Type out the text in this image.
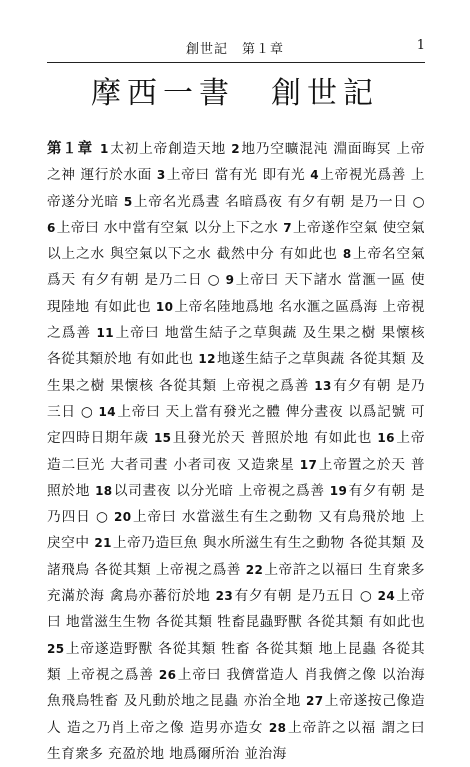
創世記　第１章	1
摩西一書　創世記
第１章 1太初上帝創造天地 2地乃空曠混沌 淵面晦冥 上帝之神 運行於水面 3上帝曰 當有光 即有光 4上帝視光爲善 上帝遂分光暗 5上帝名光爲晝 名暗爲夜 有夕有朝 是乃一日 ○ 6上帝曰 水中當有空氣 以分上下之水 7上帝遂作空氣 使空氣以上之水 與空氣以下之水 截然中分 有如此也 8上帝名空氣爲天 有夕有朝 是乃二日 ○ 9上帝曰 天下諸水 當滙一區 使現陸地 有如此也 10上帝名陸地爲地 名水滙之區爲海 上帝視之爲善 11上帝曰 地當生結子之草與蔬 及生果之樹 果懷核 各從其類於地 有如此也 12地遂生結子之草與蔬 各從其類 及生果之樹 果懷核 各從其類 上帝視之爲善 13有夕有朝 是乃三日 ○ 14上帝曰 天上當有發光之體 俾分晝夜 以爲記號 可定四時日期年歲 15且發光於天 普照於地 有如此也 16上帝造二巨光 大者司晝 小者司夜 又造衆星 17上帝置之於天 普照於地 18以司晝夜 以分光暗 上帝視之爲善 19有夕有朝 是乃四日 ○ 20上帝曰 水當滋生有生之動物 又有鳥飛於地 上戾空中 21上帝乃造巨魚 與水所滋生有生之動物 各從其類 及諸飛鳥 各從其類 上帝視之爲善 22上帝許之以福曰 生育衆多 充滿於海 禽鳥亦蕃衍於地 23有夕有朝 是乃五日 ○ 24上帝曰 地當滋生生物 各從其類 牲畜昆蟲野獸 各從其類 有如此也 25上帝遂造野獸 各從其類 牲畜 各從其類 地上昆蟲 各從其類 上帝視之爲善 26上帝曰 我儕當造人 肖我儕之像 以治海魚飛鳥牲畜 及凡動於地之昆蟲 亦治全地 27上帝遂按己像造人 造之乃肖上帝之像 造男亦造女 28上帝許之以福 謂之曰 生育衆多 充盈於地 地爲爾所治 並治海
